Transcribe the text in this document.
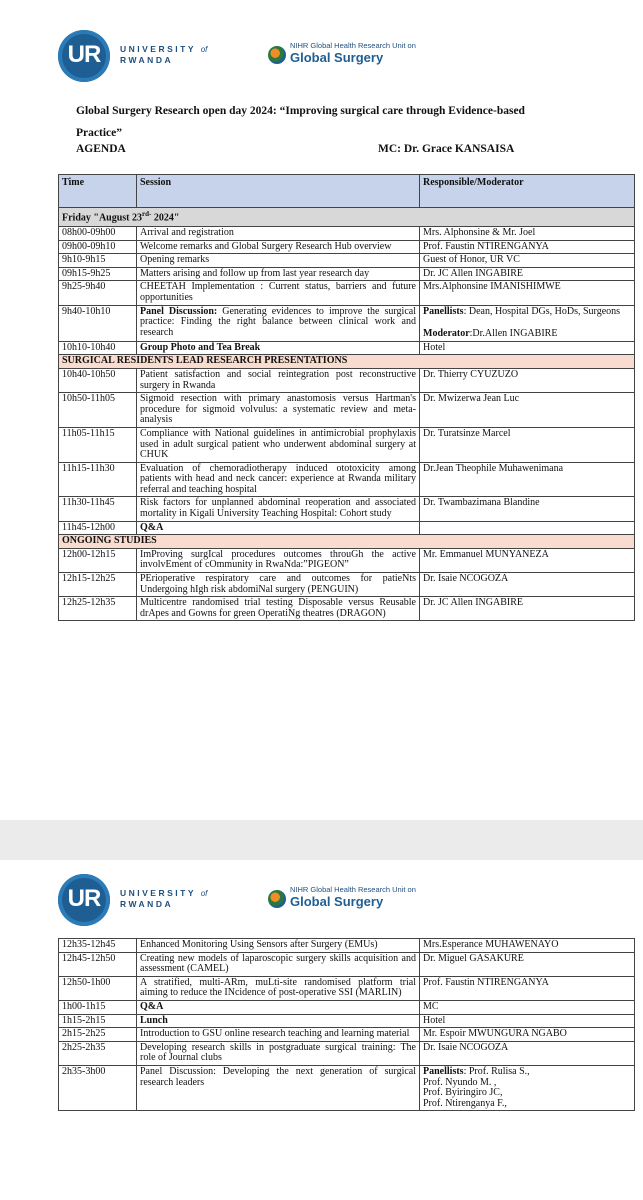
UR	UNIVERSITY of
RWANDA
NIHR Global Health Research Unit on
Global Surgery
Global Surgery Research open day 2024: “Improving surgical care through Evidence-based Practice”
AGENDA	MC: Dr. Grace KANSAISA
Time	Session	Responsible/Moderator
Friday "August $23^{rd-}$ 2024"		
08h00-09h00	Arrival and registration	Mrs. Alphonsine & Mr. Joel
09h00-09h10	Welcome remarks and Global Surgery Research Hub overview	Prof. Faustin NTIRENGANYA
9h10-9h15	Opening remarks	Guest of Honor, UR VC
09h15-9h25	Matters arising and follow up from last year research day	Dr. JC Allen INGABIRE
9h25-9h40	CHEETAH Implementation : Current status, barriers and future opportunities	Mrs.Alphonsine IMANISHIMWE
9h40-10h10	Panel Discussion: Generating evidences to improve the surgical practice: Finding the right balance between clinical work and research	Panellists: Dean, Hospital DGs, HoDs, Surgeons
Moderator:Dr.Allen INGABIRE
10h10-10h40	Group Photo and Tea Break	Hotel
SURGICAL RESIDENTS LEAD RESEARCH PRESENTATIONS		
10h40-10h50	Patient satisfaction and social reintegration post reconstructive surgery in Rwanda	Dr. Thierry CYUZUZO
10h50-11h05	Sigmoid resection with primary anastomosis versus Hartman's procedure for sigmoid volvulus: a systematic review and meta-analysis	Dr. Mwizerwa Jean Luc
11h05-11h15	Compliance with National guidelines in antimicrobial prophylaxis used in adult surgical patient who underwent abdominal surgery at CHUK	Dr. Turatsinze Marcel
11h15-11h30	Evaluation of chemoradiotherapy induced ototoxicity among patients with head and neck cancer: experience at Rwanda military referral and teaching hospital	Dr.Jean Theophile Muhawenimana
11h30-11h45	Risk factors for unplanned abdominal reoperation and associated mortality in Kigali University Teaching Hospital: Cohort study	Dr. Twambazimana Blandine
11h45-12h00	Q&A	
ONGOING STUDIES		
12h00-12h15	ImProving surgIcal procedures outcomes throuGh the active involvEment of cOmmunity in RwaNda:”PIGEON”	Mr. Emmanuel MUNYANEZA
12h15-12h25	PErioperative respiratory care and outcomes for patieNts Undergoing hIgh risk abdomiNal surgery (PENGUIN)	Dr. Isaie NCOGOZA
12h25-12h35	Multicentre randomised trial testing Disposable versus Reusable drApes and Gowns for green OperatiNg theatres (DRAGON)	Dr. JC Allen INGABIRE
UR	UNIVERSITY of
RWANDA
NIHR Global Health Research Unit on
Global Surgery
12h35-12h45	Enhanced Monitoring Using Sensors after Surgery (EMUs)	Mrs.Esperance MUHAWENAYO
12h45-12h50	Creating new models of laparoscopic surgery skills acquisition and assessment (CAMEL)	Dr. Miguel GASAKURE
12h50-1h00	A stratified, multi-ARm, muLti-site randomised platform trial aiming to reduce the INcidence of post-operative SSI (MARLIN)	Prof. Faustin NTIRENGANYA
1h00-1h15	Q&A	MC
1h15-2h15	Lunch	Hotel
2h15-2h25	Introduction to GSU online research teaching and learning material	Mr. Espoir MWUNGURA NGABO
2h25-2h35	Developing research skills in postgraduate surgical training: The role of Journal clubs	Dr. Isaie NCOGOZA
2h35-3h00	Panel Discussion: Developing the next generation of surgical research leaders	Panellists: Prof. Rulisa S.,
Prof. Nyundo M. ,
Prof. Byiringiro JC,
Prof. Ntirenganya F.,
